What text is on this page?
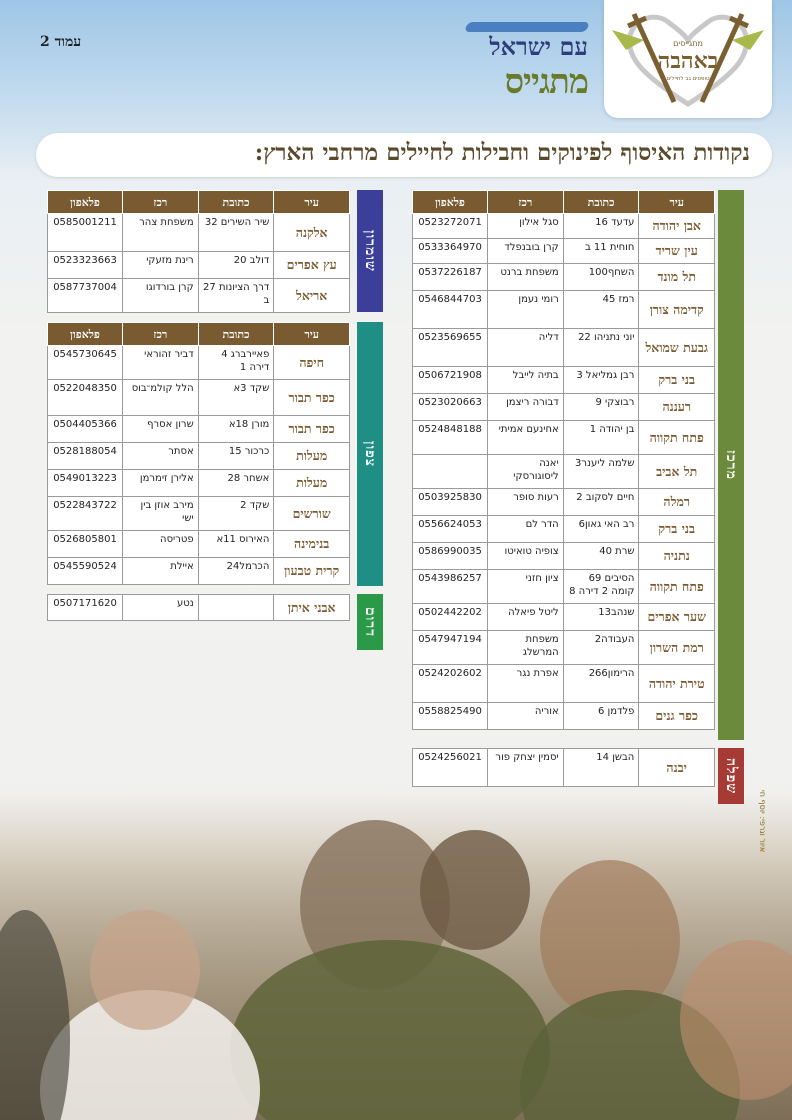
עמוד 2	מתגייסים
באהבה
טופסים גב לחיילים
עם ישראל
מתגייס
נקודות האיסוף לפינוקים וחבילות לחיילים מרחבי הארץ:
מרכז
שפלה
שומרון
צפון
דרום
עיר	כתובת	רכז	פלאפון
אבן יהודה	עדעד 16	סגל אילון	0523272071
עין שריד	חוחית 11 ב	קרן בובנפלד	0533364970
תל מונד	השחף100	משפחת ברנט	0537226187
קדימה צורן	רמז 45	רומי נעמן	0546844703
גבעת שמואל	יוני נתניהו 22	דליה	0523569655
בני ברק	רבן גמליאל 3	בתיה לייבל	0506721908
רעננה	רבוצקי 9	דבורה ריצמן	0523020663
פתח תקווה	בן יהודה 1	אחינעם אמיתי	0524848188
תל אביב	שלמה ליענר3	יאנה ליסוגורסקי	
רמלה	חיים לסקוב 2	רעות סופר	0503925830
בני ברק	רב האי גאון6	הדר לם	0556624053
נתניה	שרת 40	צופיה טואיטו	0586990035
פתח תקווה	הסיבים 69 קומה 2 דירה 8	ציון חזני	0543986257
שער אפרים	שנהב13	ליטל פיאלה	0502442202
רמת השרון	העבודה2	משפחת המרשלג	0547947194
טירת יהודה	הרימון266	אפרת נגר	0524202602
כפר גנים	פלדמן 6	אוריה	0558825490
יבנה	הבשן 14	יסמין יצחק פור	0524256021
עיר	כתובת	רכז	פלאפון
אלקנה	שיר השירים 32	משפחת צהר	0585001211
עץ אפרים	דולב 20	רינת מזעקי	0523323663
אריאל	דרך הציונות 27 ב	קרן בורדוגו	0587737004
עיר	כתובת	רכז	פלאפון
חיפה	פאיירברג 4 דירה 1	דביר זהוראי	0545730645
כפר תבור	שקד 3א	הלל קולמ־בוס	0522048350
כפר תבור	מורן 18א	שרון אסרף	0504405366
מעלות	כרכור 15	אסתר	0528188054
מעלות	אשחר 28	אלירן זימרמן	0549013223
שורשים	שקד 2	מירב אוזן בין ישי	0522843722
בנימינה	האירוס 11א	פטריסה	0526805801
קרית טבעון	הכרמל24	איילת	0545590524
אבני איתן		נטע	0507171620
איור וגרפי: יוסף חי
